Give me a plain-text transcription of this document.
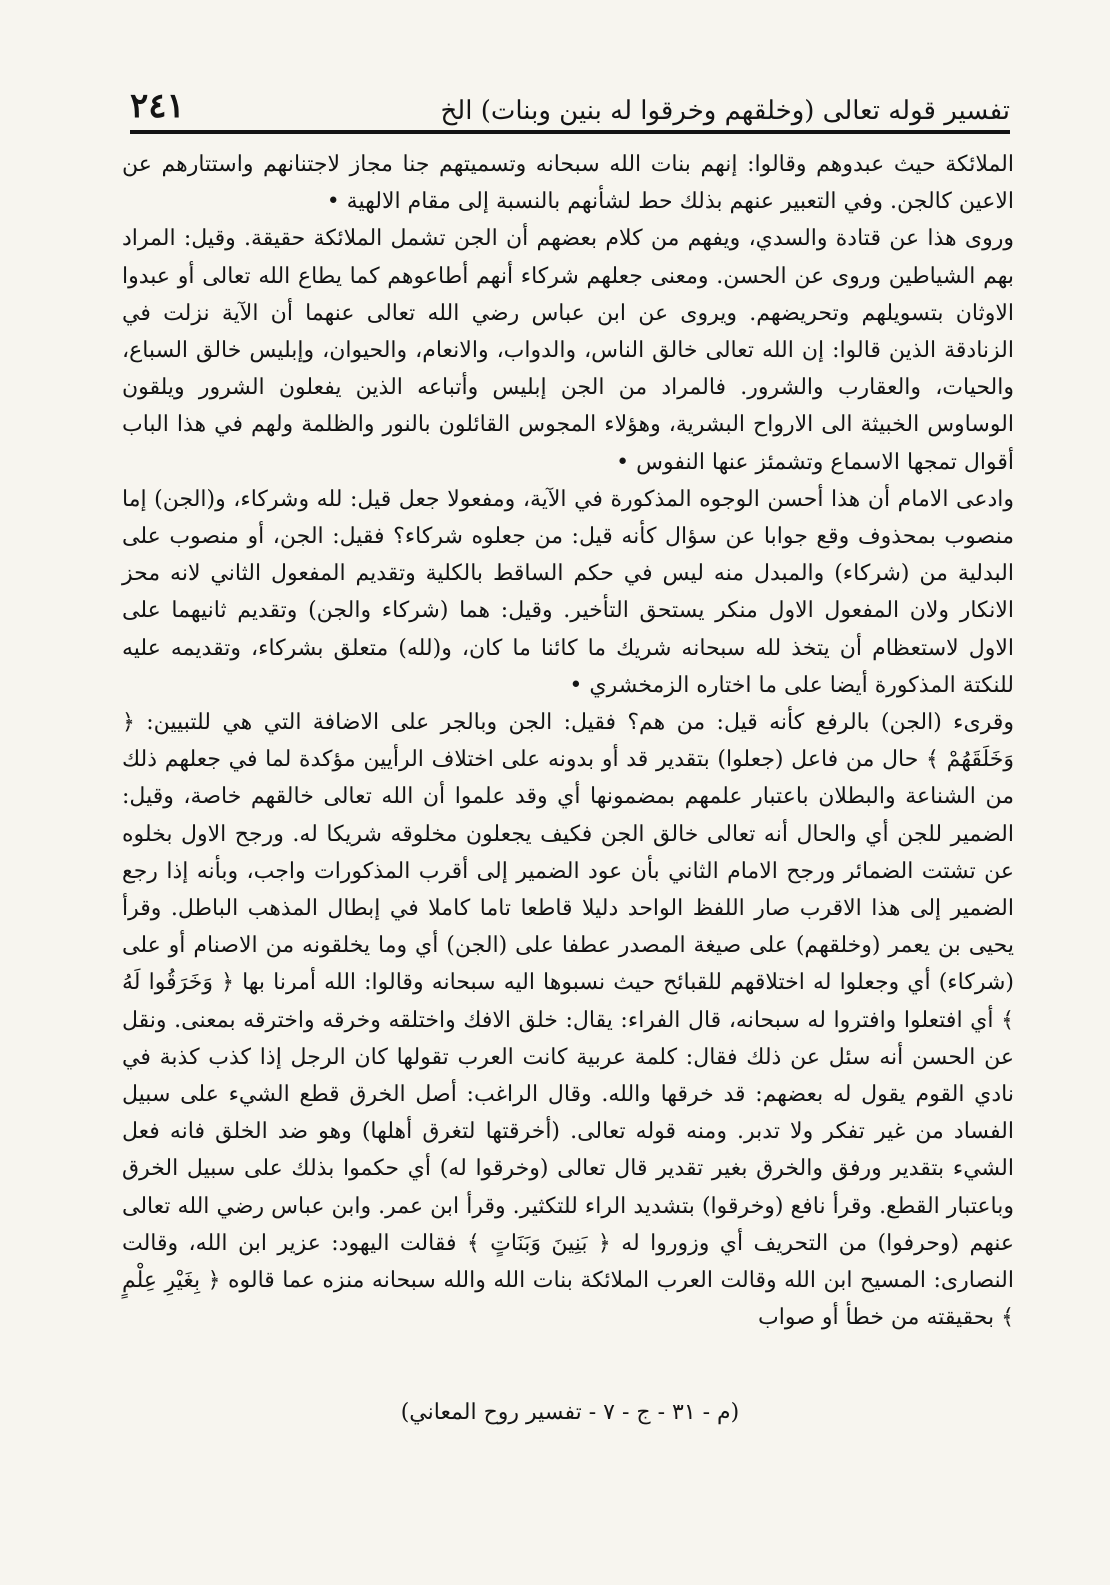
تفسير قوله تعالى (وخلقهم وخرقوا له بنين وبنات) الخ
٢٤١

الملائكة حيث عبدوهم وقالوا: إنهم بنات الله سبحانه وتسميتهم جنا مجاز لاجتنانهم واستتارهم عن الاعين كالجن. وفي التعبير عنهم بذلك حط لشأنهم بالنسبة إلى مقام الالهية •

وروى هذا عن قتادة والسدي، ويفهم من كلام بعضهم أن الجن تشمل الملائكة حقيقة. وقيل: المراد بهم الشياطين وروى عن الحسن. ومعنى جعلهم شركاء أنهم أطاعوهم كما يطاع الله تعالى أو عبدوا الاوثان بتسويلهم وتحريضهم. ويروى عن ابن عباس رضي الله تعالى عنهما أن الآية نزلت في الزنادقة الذين قالوا: إن الله تعالى خالق الناس، والدواب، والانعام، والحيوان، وإبليس خالق السباع، والحيات، والعقارب والشرور. فالمراد من الجن إبليس وأتباعه الذين يفعلون الشرور ويلقون الوساوس الخبيثة الى الارواح البشرية، وهؤلاء المجوس القائلون بالنور والظلمة ولهم في هذا الباب أقوال تمجها الاسماع وتشمئز عنها النفوس •

وادعى الامام أن هذا أحسن الوجوه المذكورة في الآية، ومفعولا جعل قيل: لله وشركاء، و(الجن) إما منصوب بمحذوف وقع جوابا عن سؤال كأنه قيل: من جعلوه شركاء؟ فقيل: الجن، أو منصوب على البدلية من (شركاء) والمبدل منه ليس في حكم الساقط بالكلية وتقديم المفعول الثاني لانه محز الانكار ولان المفعول الاول منكر يستحق التأخير. وقيل: هما (شركاء والجن) وتقديم ثانيهما على الاول لاستعظام أن يتخذ لله سبحانه شريك ما كائنا ما كان، و(لله) متعلق بشركاء، وتقديمه عليه للنكتة المذكورة أيضا على ما اختاره الزمخشري •

وقرىء (الجن) بالرفع كأنه قيل: من هم؟ فقيل: الجن وبالجر على الاضافة التي هي للتبيين: ﴿ وَخَلَقَهُمْ ﴾ حال من فاعل (جعلوا) بتقدير قد أو بدونه على اختلاف الرأيين مؤكدة لما في جعلهم ذلك من الشناعة والبطلان باعتبار علمهم بمضمونها أي وقد علموا أن الله تعالى خالقهم خاصة، وقيل: الضمير للجن أي والحال أنه تعالى خالق الجن فكيف يجعلون مخلوقه شريكا له. ورجح الاول بخلوه عن تشتت الضمائر ورجح الامام الثاني بأن عود الضمير إلى أقرب المذكورات واجب، وبأنه إذا رجع الضمير إلى هذا الاقرب صار اللفظ الواحد دليلا قاطعا تاما كاملا في إبطال المذهب الباطل. وقرأ يحيى بن يعمر (وخلقهم) على صيغة المصدر عطفا على (الجن) أي وما يخلقونه من الاصنام أو على (شركاء) أي وجعلوا له اختلاقهم للقبائح حيث نسبوها اليه سبحانه وقالوا: الله أمرنا بها ﴿ وَخَرَقُوا لَهُ ﴾ أي افتعلوا وافتروا له سبحانه، قال الفراء: يقال: خلق الافك واختلقه وخرقه واخترقه بمعنى. ونقل عن الحسن أنه سئل عن ذلك فقال: كلمة عربية كانت العرب تقولها كان الرجل إذا كذب كذبة في نادي القوم يقول له بعضهم: قد خرقها والله. وقال الراغب: أصل الخرق قطع الشيء على سبيل الفساد من غير تفكر ولا تدبر. ومنه قوله تعالى. (أخرقتها لتغرق أهلها) وهو ضد الخلق فانه فعل الشيء بتقدير ورفق والخرق بغير تقدير قال تعالى (وخرقوا له) أي حكموا بذلك على سبيل الخرق وباعتبار القطع. وقرأ نافع (وخرقوا) بتشديد الراء للتكثير. وقرأ ابن عمر. وابن عباس رضي الله تعالى عنهم (وحرفوا) من التحريف أي وزوروا له ﴿ بَنِينَ وَبَنَاتٍ ﴾ فقالت اليهود: عزير ابن الله، وقالت النصارى: المسيح ابن الله وقالت العرب الملائكة بنات الله والله سبحانه منزه عما قالوه ﴿ بِغَيْرِ عِلْمٍ ﴾ بحقيقته من خطأ أو صواب

(م - ٣١ - ج - ٧ - تفسير روح المعاني)
